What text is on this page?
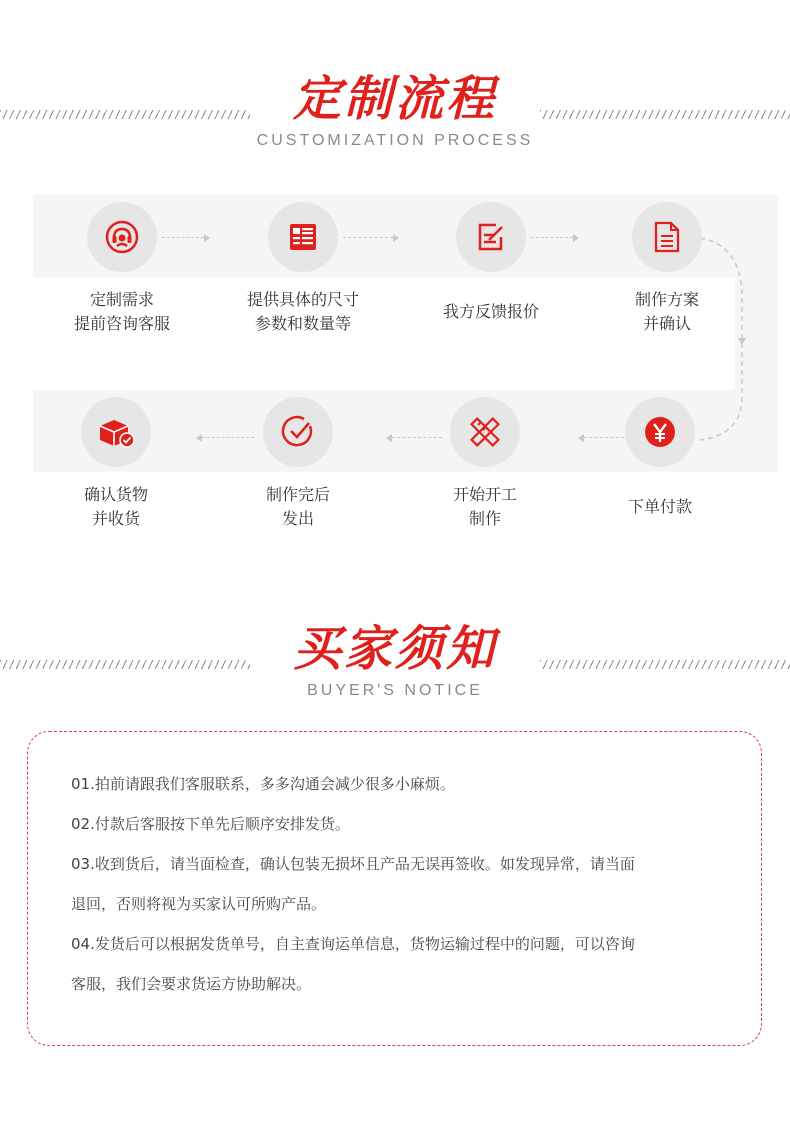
定制流程
CUSTOMIZATION PROCESS
定制需求
提前咨询客服
提供具体的尺寸
参数和数量等
我方反馈报价
制作方案
并确认
下单付款
开始开工
制作
制作完后
发出
确认货物
并收货
买家须知
BUYER'S NOTICE
01.拍前请跟我们客服联系，多多沟通会减少很多小麻烦。
02.付款后客服按下单先后顺序安排发货。
03.收到货后，请当面检查，确认包装无损坏且产品无误再签收。如发现异常，请当面
退回，否则将视为买家认可所购产品。
04.发货后可以根据发货单号，自主查询运单信息，货物运输过程中的问题，可以咨询
客服，我们会要求货运方协助解决。
